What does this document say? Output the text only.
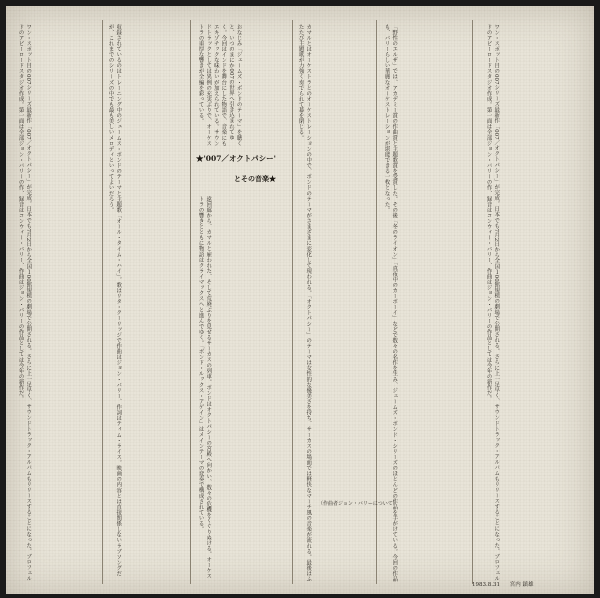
ワン・スポット目の007シリーズ最新作「007／オクトパシー」が完成。日本でも7月2日から全国１00館規模の劇場で公開される。さらに上一足早く、サウンドトラック・アルバムもリリースすることになった。ブロフェルドのアビーロードスタジオ作成。第一面は全部ジョン・バリーの作、録音はコンウィー・バリー、作曲はジョン・バリーの作品としては今年の新作だ。

「野性のエルザ」では、アカデミー賞の作曲賞と主題歌賞を受賞した。その後「冬のライオン」「真夜中のカーボーイ」などで数々の名作を生み、ジェームズ・ボンド・シリーズのほとんどの作品を手がけている。今回の作品も、バリーらしい華麗なオーケストレーションが堪能できる一枚となった。

カマルとはオーケストラとのオーケストレーションの中で、ボンドのテーマがさまざまに変化して現われる。「オクトパシー」のテーマは女性的な優美さを持ち、サーカスの場面では軽快なマーチ風の音楽が流れる。最後はふたたび主題歌が力強く奏でられて幕を閉じる。

遠回廊から、カマルと雇われた、そして荒廃ぶりを見せるサーカスの列車。ボンドはオクトパシーの宮殿へ向かい、数々の危機をくぐりぬける。オーケストラの響きとともに物語はクライマックスへと進んでゆく。「ボンド・ルックス・アゲイン」はメインテーマの変奏で構成されている。

おなじみ「ジェームズ・ボンドのテーマ」を聴くと、いつのまにか007の世界へ引き込まれてゆく。今回はインドを舞台にした物語で、音楽にもエキゾチックな味わいが加えられている。サウンドトラックとしては異例の充実ぶりで、オーケストラの重厚な響きが全編を彩っている。

収録されているのはトレーニング中のジェームス・ボンドのテーマと主題歌「オール・タイム・ハイ」。歌はリタ・クーリッジで作曲はジョン・バリー、作詞はティム・ライス。映画の内容とは直接関係しないラブソングだが、これまでのシリーズの中でも最も美しいメロディといってよいだろう。

ワン・スポット目の007シリーズ最新作「007／オクトパシー」が完成。日本でも7月2日から全国１00館規模の劇場で公開される。さらに上一足早く、サウンドトラック・アルバムもリリースすることになった。ブロフェルドのアビーロードスタジオ作成。第一面は全部ジョン・バリーの作、録音はコンウィー・バリー、作曲はジョン・バリーの作品としては今年の新作だ。	★'007／オクトパシー'
とその音楽★
（作曲者ジョン・バリーについて）
1983.8.31 宮内 鎮雄
